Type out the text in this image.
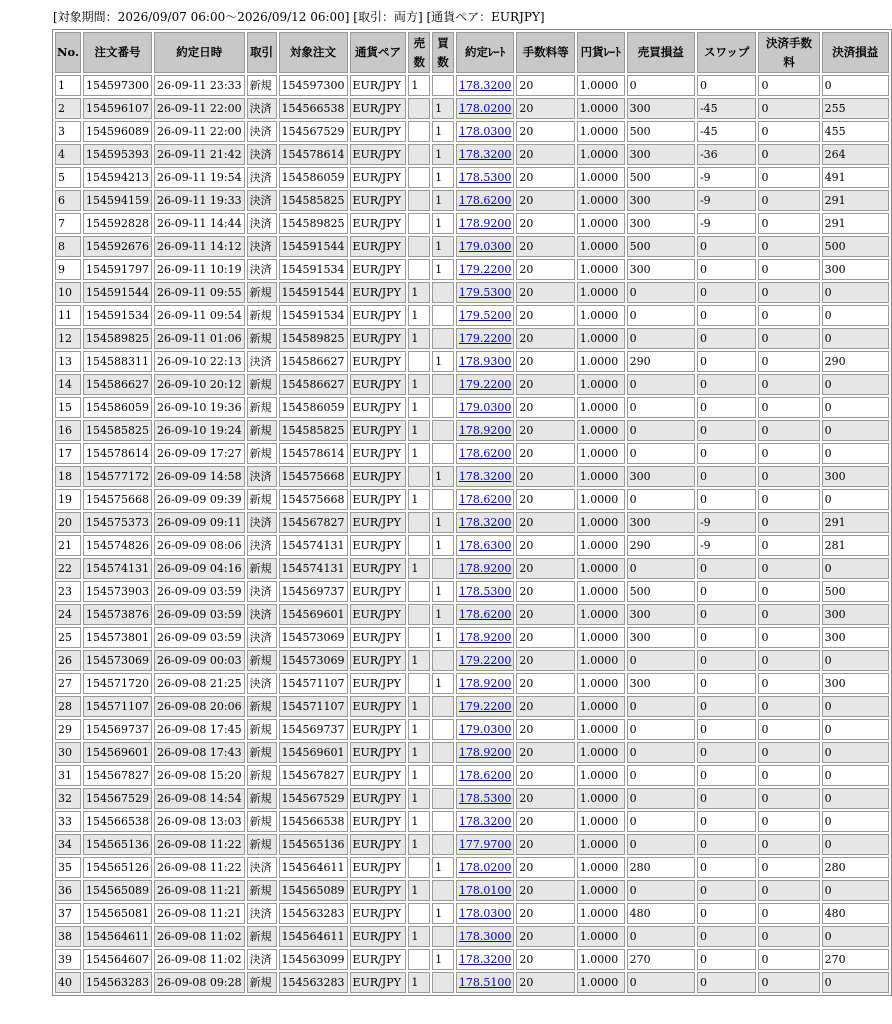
[対象期間：2026/09/07 06:00〜2026/09/12 06:00] [取引：両方] [通貨ペア：EURJPY]
No.	注文番号	約定日時	取引	対象注文	通貨ペア	売数	買数	約定ﾚｰﾄ	手数料等	円貨ﾚｰﾄ	売買損益	スワップ	決済手数料	決済損益
1	154597300	26-09-11 23:33	新規	154597300	EUR/JPY	1		178.3200	20	1.0000	0	0	0	0
2	154596107	26-09-11 22:00	決済	154566538	EUR/JPY		1	178.0200	20	1.0000	300	-45	0	255
3	154596089	26-09-11 22:00	決済	154567529	EUR/JPY		1	178.0300	20	1.0000	500	-45	0	455
4	154595393	26-09-11 21:42	決済	154578614	EUR/JPY		1	178.3200	20	1.0000	300	-36	0	264
5	154594213	26-09-11 19:54	決済	154586059	EUR/JPY		1	178.5300	20	1.0000	500	-9	0	491
6	154594159	26-09-11 19:33	決済	154585825	EUR/JPY		1	178.6200	20	1.0000	300	-9	0	291
7	154592828	26-09-11 14:44	決済	154589825	EUR/JPY		1	178.9200	20	1.0000	300	-9	0	291
8	154592676	26-09-11 14:12	決済	154591544	EUR/JPY		1	179.0300	20	1.0000	500	0	0	500
9	154591797	26-09-11 10:19	決済	154591534	EUR/JPY		1	179.2200	20	1.0000	300	0	0	300
10	154591544	26-09-11 09:55	新規	154591544	EUR/JPY	1		179.5300	20	1.0000	0	0	0	0
11	154591534	26-09-11 09:54	新規	154591534	EUR/JPY	1		179.5200	20	1.0000	0	0	0	0
12	154589825	26-09-11 01:06	新規	154589825	EUR/JPY	1		179.2200	20	1.0000	0	0	0	0
13	154588311	26-09-10 22:13	決済	154586627	EUR/JPY		1	178.9300	20	1.0000	290	0	0	290
14	154586627	26-09-10 20:12	新規	154586627	EUR/JPY	1		179.2200	20	1.0000	0	0	0	0
15	154586059	26-09-10 19:36	新規	154586059	EUR/JPY	1		179.0300	20	1.0000	0	0	0	0
16	154585825	26-09-10 19:24	新規	154585825	EUR/JPY	1		178.9200	20	1.0000	0	0	0	0
17	154578614	26-09-09 17:27	新規	154578614	EUR/JPY	1		178.6200	20	1.0000	0	0	0	0
18	154577172	26-09-09 14:58	決済	154575668	EUR/JPY		1	178.3200	20	1.0000	300	0	0	300
19	154575668	26-09-09 09:39	新規	154575668	EUR/JPY	1		178.6200	20	1.0000	0	0	0	0
20	154575373	26-09-09 09:11	決済	154567827	EUR/JPY		1	178.3200	20	1.0000	300	-9	0	291
21	154574826	26-09-09 08:06	決済	154574131	EUR/JPY		1	178.6300	20	1.0000	290	-9	0	281
22	154574131	26-09-09 04:16	新規	154574131	EUR/JPY	1		178.9200	20	1.0000	0	0	0	0
23	154573903	26-09-09 03:59	決済	154569737	EUR/JPY		1	178.5300	20	1.0000	500	0	0	500
24	154573876	26-09-09 03:59	決済	154569601	EUR/JPY		1	178.6200	20	1.0000	300	0	0	300
25	154573801	26-09-09 03:59	決済	154573069	EUR/JPY		1	178.9200	20	1.0000	300	0	0	300
26	154573069	26-09-09 00:03	新規	154573069	EUR/JPY	1		179.2200	20	1.0000	0	0	0	0
27	154571720	26-09-08 21:25	決済	154571107	EUR/JPY		1	178.9200	20	1.0000	300	0	0	300
28	154571107	26-09-08 20:06	新規	154571107	EUR/JPY	1		179.2200	20	1.0000	0	0	0	0
29	154569737	26-09-08 17:45	新規	154569737	EUR/JPY	1		179.0300	20	1.0000	0	0	0	0
30	154569601	26-09-08 17:43	新規	154569601	EUR/JPY	1		178.9200	20	1.0000	0	0	0	0
31	154567827	26-09-08 15:20	新規	154567827	EUR/JPY	1		178.6200	20	1.0000	0	0	0	0
32	154567529	26-09-08 14:54	新規	154567529	EUR/JPY	1		178.5300	20	1.0000	0	0	0	0
33	154566538	26-09-08 13:03	新規	154566538	EUR/JPY	1		178.3200	20	1.0000	0	0	0	0
34	154565136	26-09-08 11:22	新規	154565136	EUR/JPY	1		177.9700	20	1.0000	0	0	0	0
35	154565126	26-09-08 11:22	決済	154564611	EUR/JPY		1	178.0200	20	1.0000	280	0	0	280
36	154565089	26-09-08 11:21	新規	154565089	EUR/JPY	1		178.0100	20	1.0000	0	0	0	0
37	154565081	26-09-08 11:21	決済	154563283	EUR/JPY		1	178.0300	20	1.0000	480	0	0	480
38	154564611	26-09-08 11:02	新規	154564611	EUR/JPY	1		178.3000	20	1.0000	0	0	0	0
39	154564607	26-09-08 11:02	決済	154563099	EUR/JPY		1	178.3200	20	1.0000	270	0	0	270
40	154563283	26-09-08 09:28	新規	154563283	EUR/JPY	1		178.5100	20	1.0000	0	0	0	0
